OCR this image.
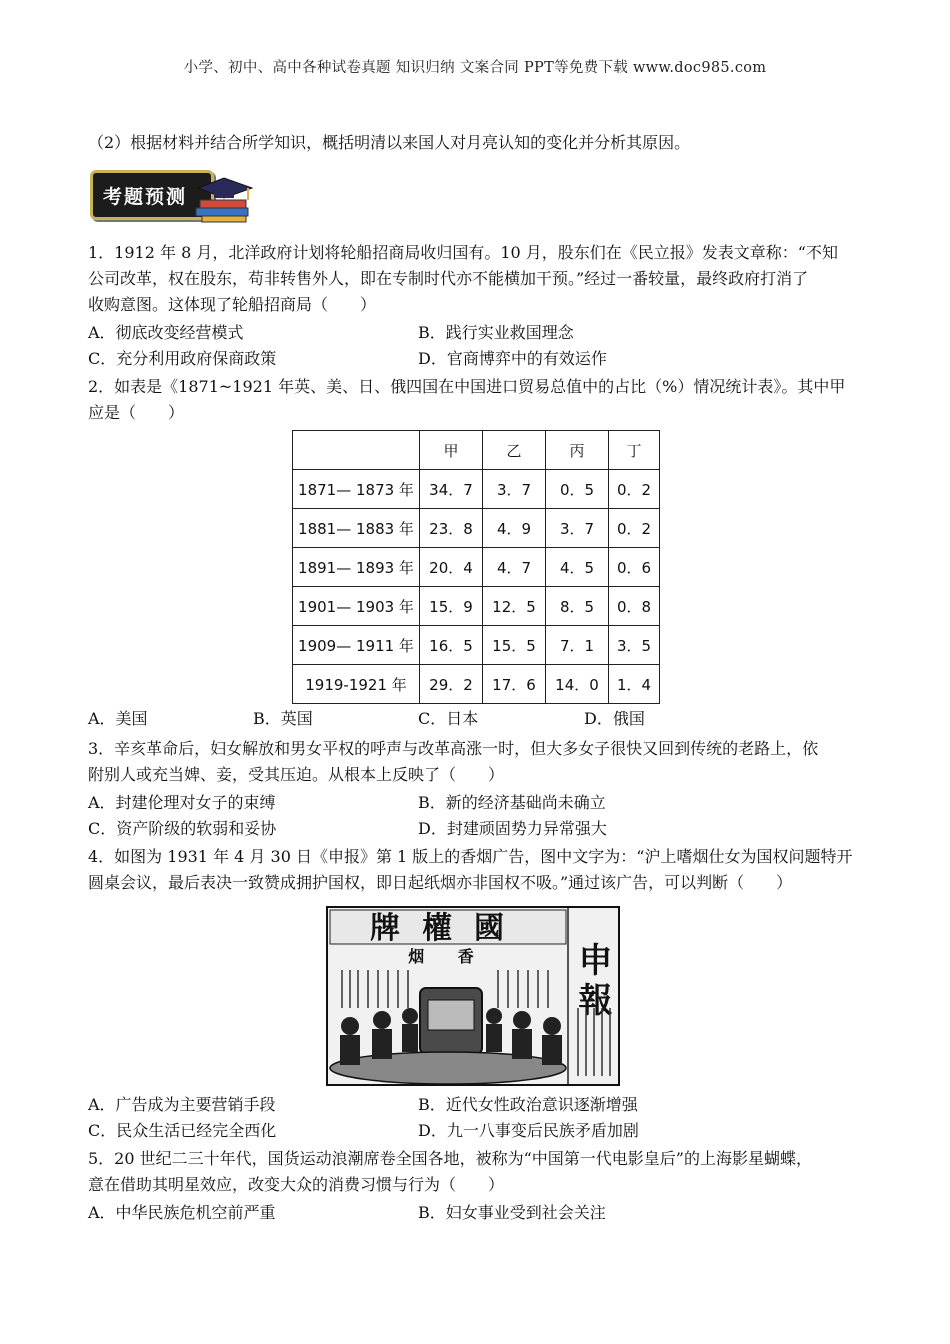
小学、初中、高中各种试卷真题 知识归纳 文案合同 PPT等免费下载 www.doc985.com
（2）根据材料并结合所学知识，概括明清以来国人对月亮认知的变化并分析其原因。
考题预测
1．1912 年 8 月，北洋政府计划将轮船招商局收归国有。10 月，股东们在《民立报》发表文章称：“不知
公司改革，权在股东，苟非转售外人，即在专制时代亦不能横加干预。”经过一番较量，最终政府打消了
收购意图。这体现了轮船招商局（　　）
A．彻底改变经营模式	B．践行实业救国理念
C．充分利用政府保商政策	D．官商博弈中的有效运作
2．如表是《1871~1921 年英、美、日、俄四国在中国进口贸易总值中的占比（%）情况统计表》。其中甲
应是（　　）
	甲	乙	丙	丁
1871— 1873 年	34．7	3．7	0．5	0．2
1881— 1883 年	23．8	4．9	3．7	0．2
1891— 1893 年	20．4	4．7	4．5	0．6
1901— 1903 年	15．9	12．5	8．5	0．8
1909— 1911 年	16．5	15．5	7．1	3．5
1919-1921 年	29．2	17．6	14．0	1．4
A．美国	B．英国	C．日本	D．俄国
3．辛亥革命后，妇女解放和男女平权的呼声与改革高涨一时，但大多女子很快又回到传统的老路上，依
附别人或充当婢、妾，受其压迫。从根本上反映了（　　）
A．封建伦理对女子的束缚	B．新的经济基础尚未确立
C．资产阶级的软弱和妥协	D．封建顽固势力异常强大
4．如图为 1931 年 4 月 30 日《申报》第 1 版上的香烟广告，图中文字为：“沪上嗜烟仕女为国权问题特开
圆桌会议，最后表决一致赞成拥护国权，即日起纸烟亦非国权不吸。”通过该广告，可以判断（　　）
牌權國
烟 香 申報
A．广告成为主要营销手段	B．近代女性政治意识逐渐增强
C．民众生活已经完全西化	D．九一八事变后民族矛盾加剧
5．20 世纪二三十年代，国货运动浪潮席卷全国各地，被称为“中国第一代电影皇后”的上海影星蝴蝶，
意在借助其明星效应，改变大众的消费习惯与行为（　　）
A．中华民族危机空前严重	B．妇女事业受到社会关注
